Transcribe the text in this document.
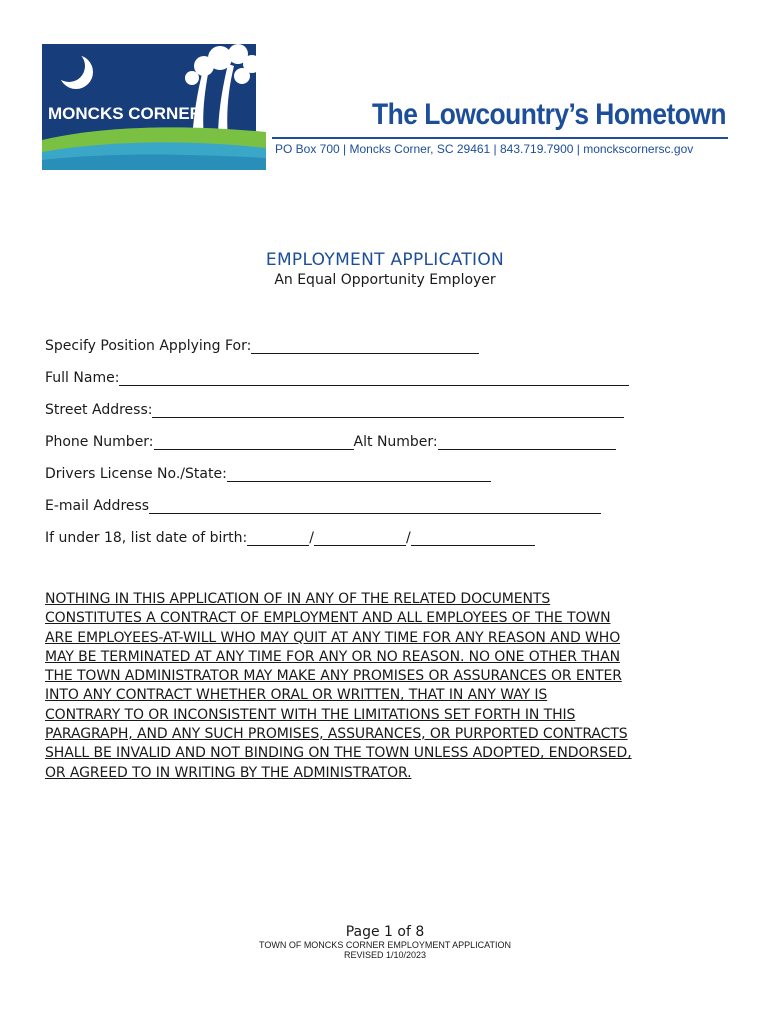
MONCKS CORNER	The Lowcountry’s Hometown
PO Box 700 | Moncks Corner, SC 29461 | 843.719.7900 | monckscornersc.gov
EMPLOYMENT APPLICATION
An Equal Opportunity Employer
Specify Position Applying For:
Full Name:
Street Address:
Phone Number:	Alt Number:
Drivers License No./State:
E-mail Address
If under 18, list date of birth:	/	/
NOTHING IN THIS APPLICATION OF IN ANY OF THE RELATED DOCUMENTS
CONSTITUTES A CONTRACT OF EMPLOYMENT AND ALL EMPLOYEES OF THE TOWN
ARE EMPLOYEES-AT-WILL WHO MAY QUIT AT ANY TIME FOR ANY REASON AND WHO
MAY BE TERMINATED AT ANY TIME FOR ANY OR NO REASON. NO ONE OTHER THAN
THE TOWN ADMINISTRATOR MAY MAKE ANY PROMISES OR ASSURANCES OR ENTER
INTO ANY CONTRACT WHETHER ORAL OR WRITTEN, THAT IN ANY WAY IS
CONTRARY TO OR INCONSISTENT WITH THE LIMITATIONS SET FORTH IN THIS
PARAGRAPH, AND ANY SUCH PROMISES, ASSURANCES, OR PURPORTED CONTRACTS
SHALL BE INVALID AND NOT BINDING ON THE TOWN UNLESS ADOPTED, ENDORSED,
OR AGREED TO IN WRITING BY THE ADMINISTRATOR.
Page 1 of 8
TOWN OF MONCKS CORNER EMPLOYMENT APPLICATION
REVISED 1/10/2023
